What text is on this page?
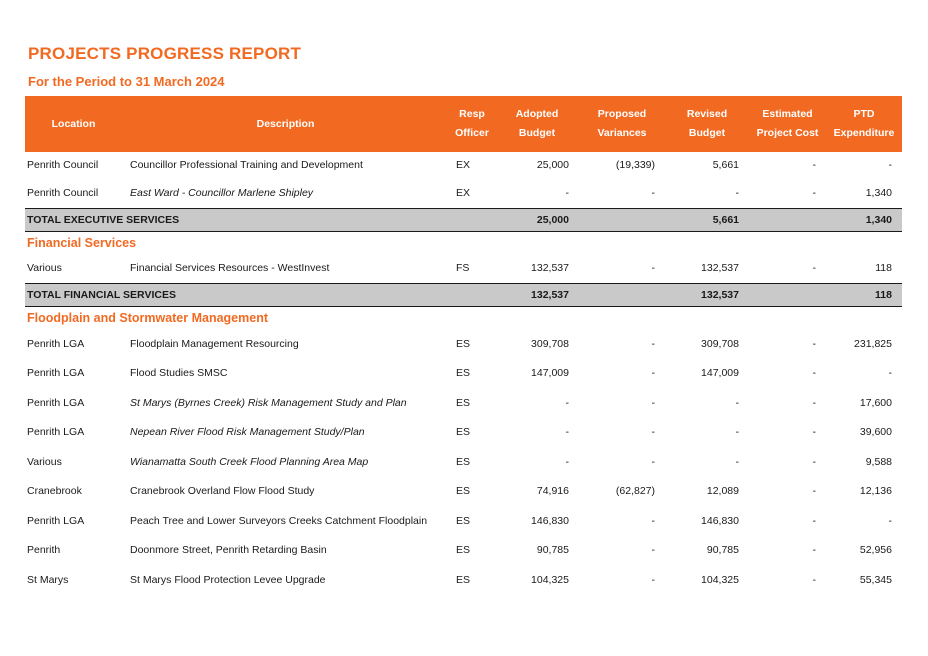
PROJECTS PROGRESS REPORT
For the Period to 31 March 2024
Location	Description	Resp Officer	Adopted Budget	Proposed Variances	Revised Budget	Estimated Project Cost	PTD Expenditure
Penrith Council	Councillor Professional Training and Development	EX	25,000	(19,339)	5,661	-	-
Penrith Council	East Ward - Councillor Marlene Shipley	EX	-	-	-	-	1,340
TOTAL EXECUTIVE SERVICES			25,000		5,661		1,340
Financial Services							
Various	Financial Services Resources - WestInvest	FS	132,537	-	132,537	-	118
TOTAL FINANCIAL SERVICES			132,537		132,537		118
Floodplain and Stormwater Management							
Penrith LGA	Floodplain Management Resourcing	ES	309,708	-	309,708	-	231,825
Penrith LGA	Flood Studies SMSC	ES	147,009	-	147,009	-	-
Penrith LGA	St Marys (Byrnes Creek) Risk Management Study and Plan	ES	-	-	-	-	17,600
Penrith LGA	Nepean River Flood Risk Management Study/Plan	ES	-	-	-	-	39,600
Various	Wianamatta South Creek Flood Planning Area Map	ES	-	-	-	-	9,588
Cranebrook	Cranebrook Overland Flow Flood Study	ES	74,916	(62,827)	12,089	-	12,136
Penrith LGA	Peach Tree and Lower Surveyors Creeks Catchment Floodplain	ES	146,830	-	146,830	-	-
Penrith	Doonmore Street, Penrith Retarding Basin	ES	90,785	-	90,785	-	52,956
St Marys	St Marys Flood Protection Levee Upgrade	ES	104,325	-	104,325	-	55,345
